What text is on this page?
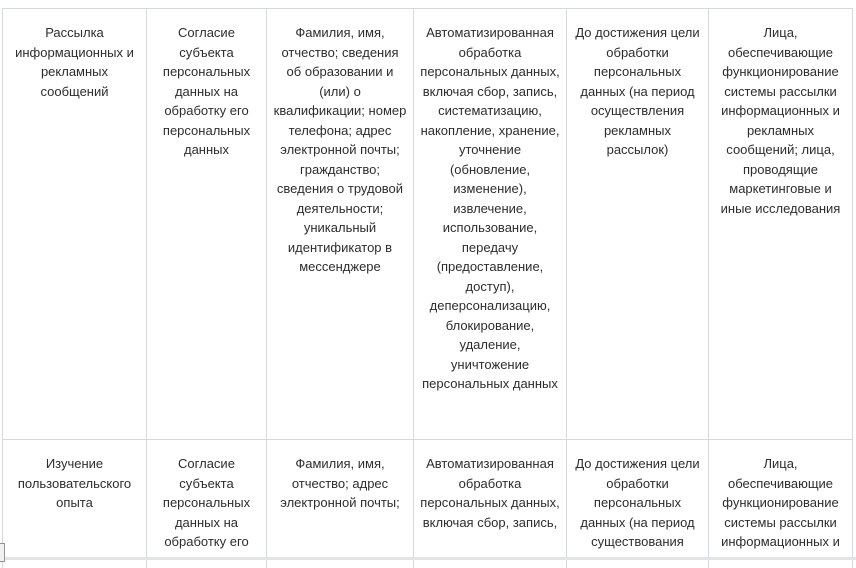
Рассылка информационных и рекламных сообщений
Согласие субъекта персональных данных на обработку его персональных данных
Фамилия, имя, отчество; сведения об образовании и (или) о квалификации; номер телефона; адрес электронной почты; гражданство; сведения о трудовой деятельности; уникальный идентификатор в мессенджере
Автоматизированная обработка персональных данных, включая сбор, запись, систематизацию, накопление, хранение, уточнение (обновление, изменение), извлечение, использование, передачу (предоставление, доступ), деперсонализацию, блокирование, удаление, уничтожение персональных данных
До достижения цели обработки персональных данных (на период осуществления рекламных рассылок)
Лица, обеспечивающие функционирование системы рассылки информационных и рекламных сообщений; лица, проводящие маркетинговые и иные исследования
Изучение пользовательского опыта
Согласие субъекта персональных данных на обработку его
Фамилия, имя, отчество; адрес электронной почты;
Автоматизированная обработка персональных данных, включая сбор, запись,
До достижения цели обработки персональных данных (на период существования
Лица, обеспечивающие функционирование системы рассылки информационных и
